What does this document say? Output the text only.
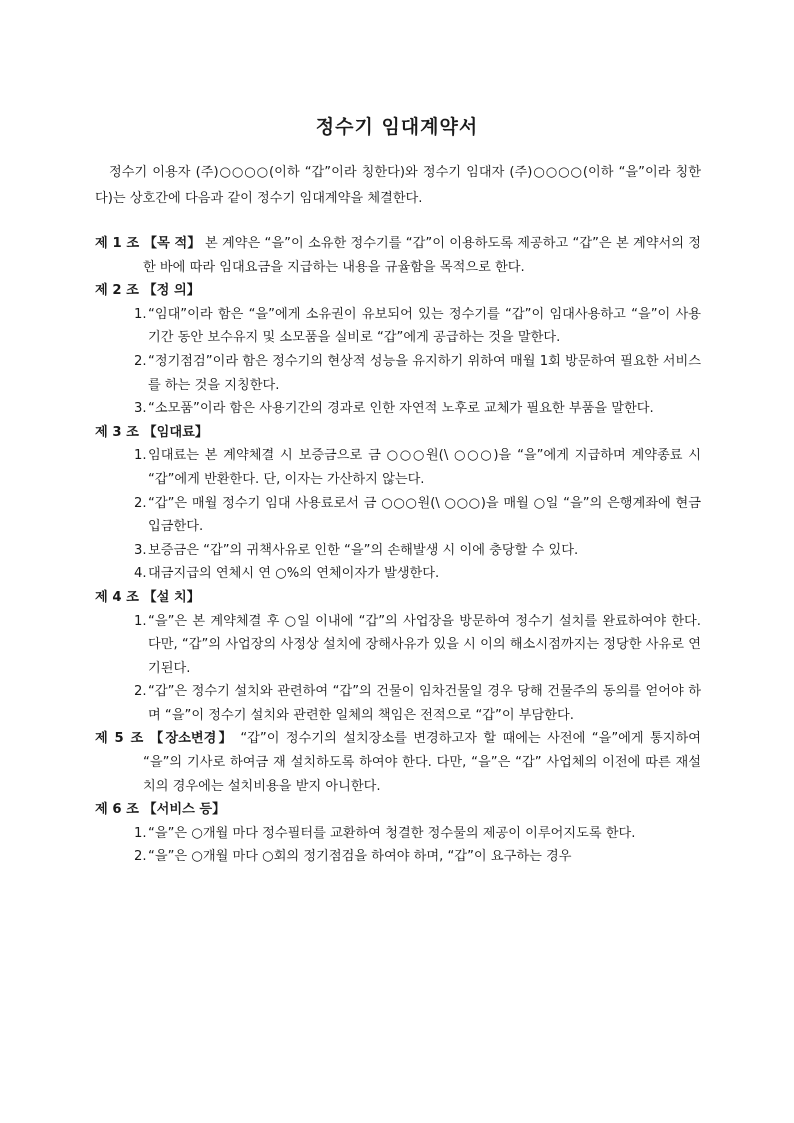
정수기 임대계약서
정수기 이용자 (주)○○○○(이하 “갑”이라 칭한다)와 정수기 임대자 (주)○○○○(이하 “을”이라 칭한다)는 상호간에 다음과 같이 정수기 임대계약을 체결한다.
제 1 조 【목 적】 본 계약은 “을”이 소유한 정수기를 “갑”이 이용하도록 제공하고 “갑”은 본 계약서의 정한 바에 따라 임대요금을 지급하는 내용을 규율함을 목적으로 한다.
제 2 조 【정 의】
1. “임대”이라 함은 “을”에게 소유권이 유보되어 있는 정수기를 “갑”이 임대사용하고 “을”이 사용 기간 동안 보수유지 및 소모품을 실비로 “갑”에게 공급하는 것을 말한다.
2. “정기점검”이라 함은 정수기의 현상적 성능을 유지하기 위하여 매월 1회 방문하여 필요한 서비스를 하는 것을 지칭한다.
3. “소모품”이라 함은 사용기간의 경과로 인한 자연적 노후로 교체가 필요한 부품을 말한다.
제 3 조 【임대료】
1. 임대료는 본 계약체결 시 보증금으로 금 ○○○원(\ ○○○)을 “을”에게 지급하며 계약종료 시 “갑”에게 반환한다. 단, 이자는 가산하지 않는다.
2. “갑”은 매월 정수기 임대 사용료로서 금 ○○○원(\ ○○○)을 매월 ○일 “을”의 은행계좌에 현금 입금한다.
3. 보증금은 “갑”의 귀책사유로 인한 “을”의 손해발생 시 이에 충당할 수 있다.
4. 대금지급의 연체시 연 ○%의 연체이자가 발생한다.
제 4 조 【설 치】
1. “을”은 본 계약체결 후 ○일 이내에 “갑”의 사업장을 방문하여 정수기 설치를 완료하여야 한다. 다만, “갑”의 사업장의 사정상 설치에 장해사유가 있을 시 이의 해소시점까지는 정당한 사유로 연기된다.
2. “갑”은 정수기 설치와 관련하여 “갑”의 건물이 임차건물일 경우 당해 건물주의 동의를 얻어야 하며 “을”이 정수기 설치와 관련한 일체의 책임은 전적으로 “갑”이 부담한다.
제 5 조 【장소변경】 “갑”이 정수기의 설치장소를 변경하고자 할 때에는 사전에 “을”에게 통지하여 “을”의 기사로 하여금 재 설치하도록 하여야 한다. 다만, “을”은 “갑” 사업체의 이전에 따른 재설치의 경우에는 설치비용을 받지 아니한다.
제 6 조 【서비스 등】
1. “을”은 ○개월 마다 정수필터를 교환하여 청결한 정수물의 제공이 이루어지도록 한다.
2. “을”은 ○개월 마다 ○회의 정기점검을 하여야 하며, “갑”이 요구하는 경우
